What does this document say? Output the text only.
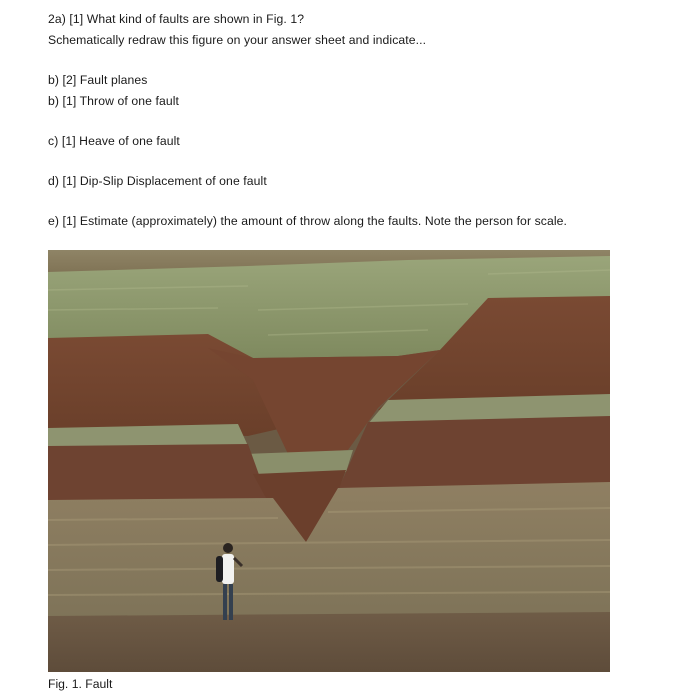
2a) [1] What kind of faults are shown in Fig. 1?
Schematically redraw this figure on your answer sheet and indicate...
b) [2] Fault planes
b) [1] Throw of one fault
c) [1] Heave of one fault
d) [1] Dip-Slip Displacement of one fault
e) [1] Estimate (approximately) the amount of throw along the faults. Note the person for scale.
Fig. 1. Fault
